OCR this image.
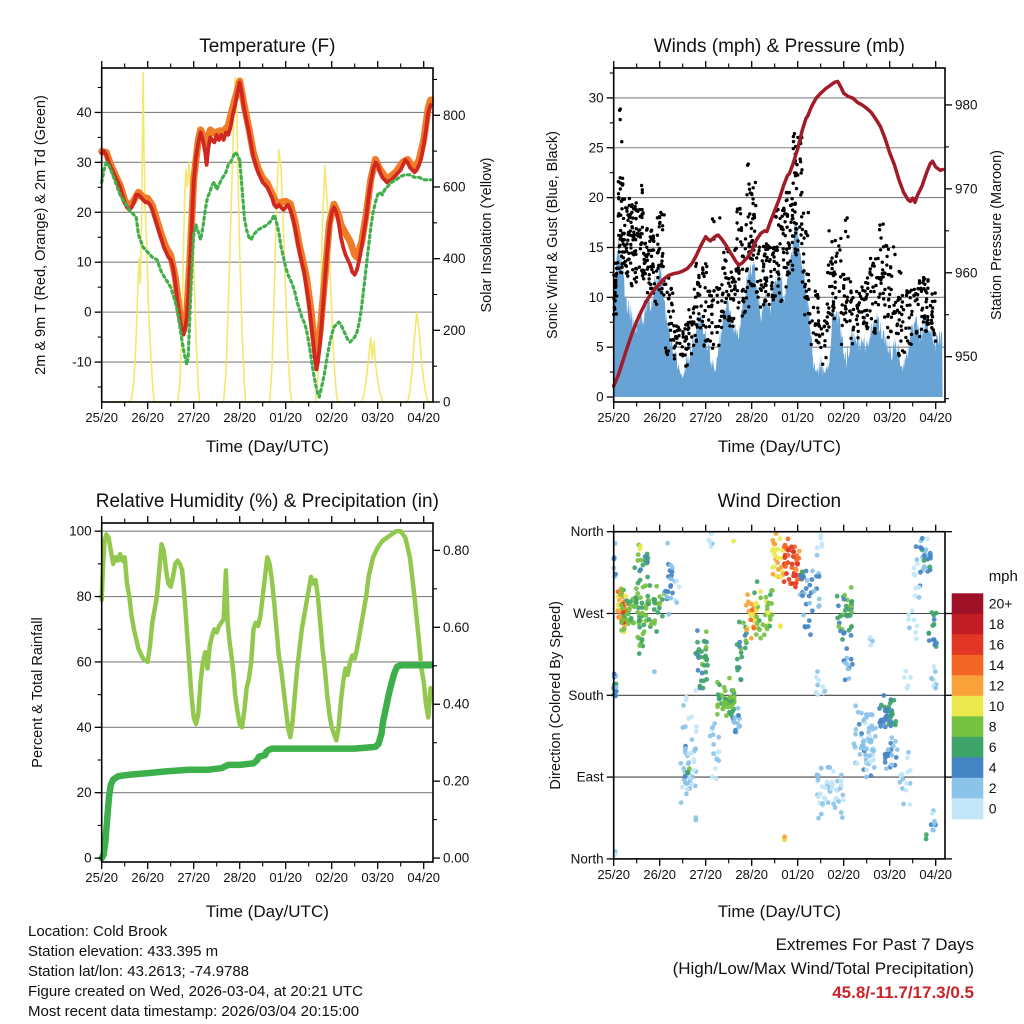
25/20 26/20 27/20 28/20 01/20 02/20 03/20 04/20
Time (Day/UTC)
Temperature (F)
-10
0
10
20
30
40
0
200
400
600
800
2m & 9m T (Red, Orange) & 2m Td (Green)	Solar Insolation (Yellow)
25/20 26/20 27/20 28/20 01/20 02/20 03/20 04/20
Time (Day/UTC)
Winds (mph) & Pressure (mb)
0
5
10
15
20
25
30
950
960
970
980
Sonic Wind & Gust (Blue, Black)	Station Pressure (Maroon)
25/20 26/20 27/20 28/20 01/20 02/20 03/20 04/20
Time (Day/UTC)
Relative Humidity (%) & Precipitation (in)
0
20
40
60
80
100
0.00
0.20
0.40
0.60
0.80
Percent & Total Rainfall
25/20 26/20 27/20 28/20 01/20 02/20 03/20 04/20
Time (Day/UTC)
Wind Direction
North
West
South
East
North
Direction (Colored By Speed)
mph
20+
18
16
14
12
10
8
6
4
2
0
Location: Cold Brook
Station elevation: 433.395 m
Station lat/lon: 43.2613; -74.9788
Figure created on Wed, 2026-03-04, at 20:21 UTC
Most recent data timestamp: 2026/03/04 20:15:00
Extremes For Past 7 Days
(High/Low/Max Wind/Total Precipitation)
45.8/-11.7/17.3/0.5
